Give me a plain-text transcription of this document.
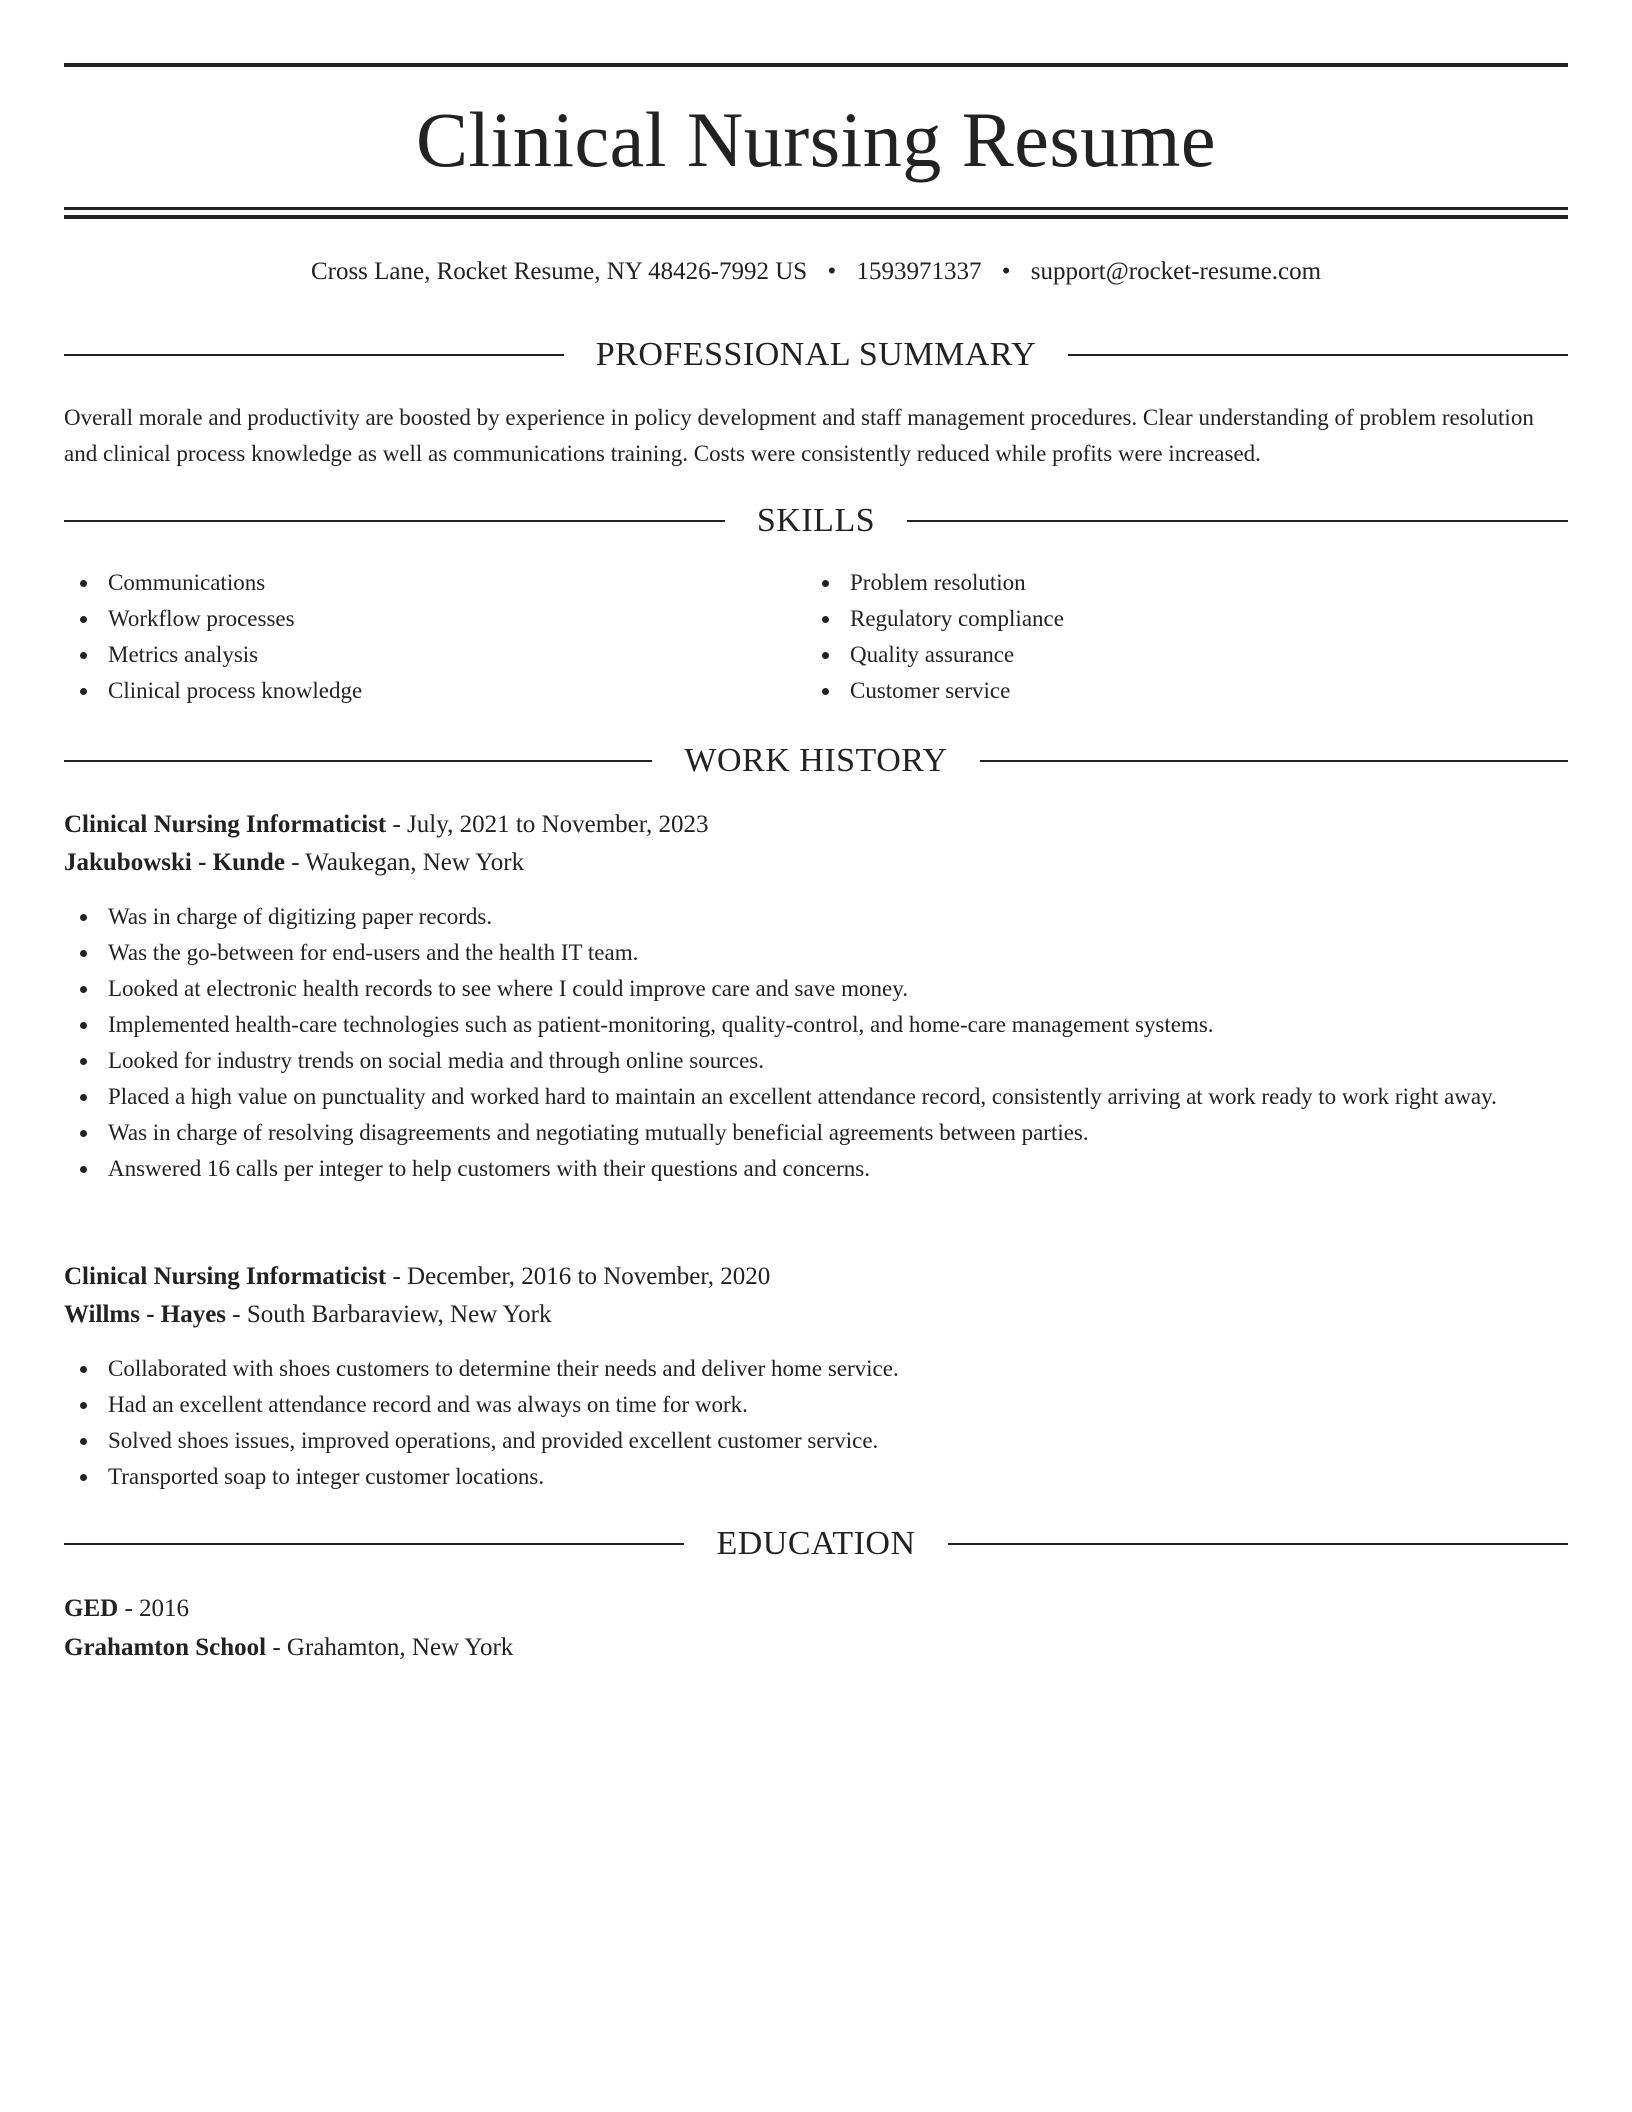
Clinical Nursing Resume
Cross Lane, Rocket Resume, NY 48426-7992 US • 1593971337 • support@rocket-resume.com
PROFESSIONAL SUMMARY

Overall morale and productivity are boosted by experience in policy development and staff management procedures. Clear understanding of problem resolution and clinical process knowledge as well as communications training. Costs were consistently reduced while profits were increased.

SKILLS
Communications
Workflow processes
Metrics analysis
Clinical process knowledge
Problem resolution
Regulatory compliance
Quality assurance
Customer service
WORK HISTORY
Clinical Nursing Informaticist - July, 2021 to November, 2023
Jakubowski - Kunde - Waukegan, New York
Was in charge of digitizing paper records.
Was the go-between for end-users and the health IT team.
Looked at electronic health records to see where I could improve care and save money.
Implemented health-care technologies such as patient-monitoring, quality-control, and home-care management systems.
Looked for industry trends on social media and through online sources.
Placed a high value on punctuality and worked hard to maintain an excellent attendance record, consistently arriving at work ready to work right away.
Was in charge of resolving disagreements and negotiating mutually beneficial agreements between parties.
Answered 16 calls per integer to help customers with their questions and concerns.
Clinical Nursing Informaticist - December, 2016 to November, 2020
Willms - Hayes - South Barbaraview, New York
Collaborated with shoes customers to determine their needs and deliver home service.
Had an excellent attendance record and was always on time for work.
Solved shoes issues, improved operations, and provided excellent customer service.
Transported soap to integer customer locations.
EDUCATION
GED - 2016
Grahamton School - Grahamton, New York
